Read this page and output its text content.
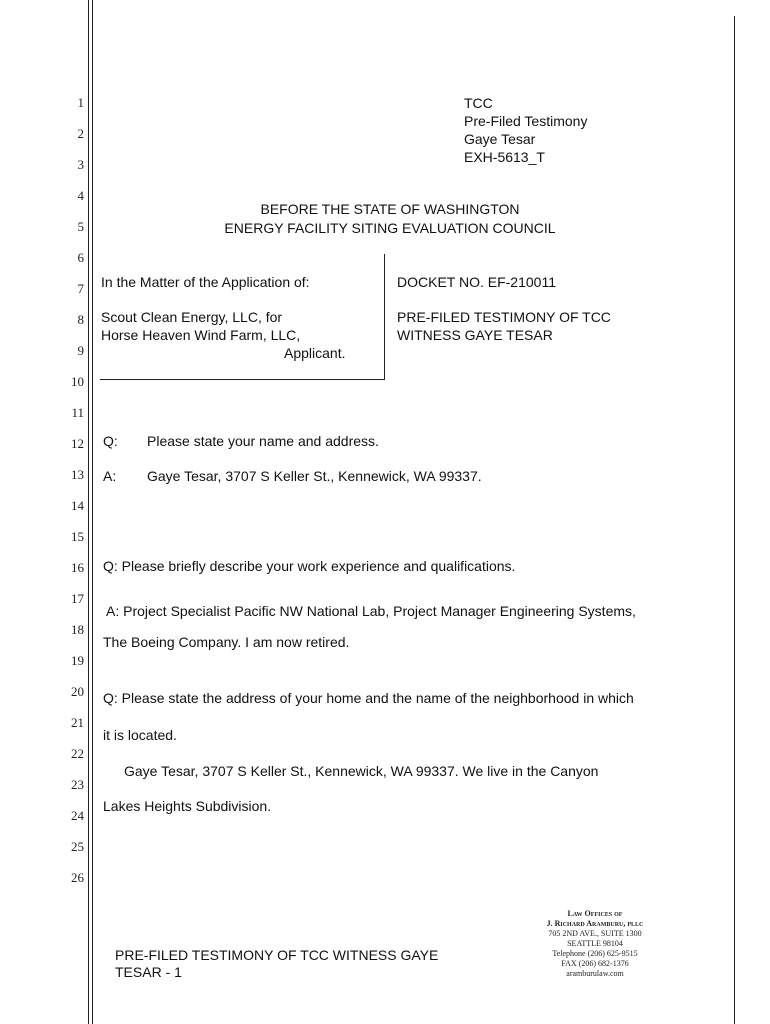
1
2
3
4
5
6
7
8
9
10
11
12
13
14
15
16
17
18
19
20
21
22
23
24
25
26
TCC
Pre-Filed Testimony
Gaye Tesar
EXH-5613_T
BEFORE THE STATE OF WASHINGTON
ENERGY FACILITY SITING EVALUATION COUNCIL
In the Matter of the Application of:
Scout Clean Energy, LLC, for
Horse Heaven Wind Farm, LLC,
Applicant.
DOCKET NO. EF-210011
PRE-FILED TESTIMONY OF TCC
WITNESS GAYE TESAR
Q: Please state your name and address.
A: Gaye Tesar, 3707 S Keller St., Kennewick, WA 99337.
Q: Please briefly describe your work experience and qualifications.
A: Project Specialist Pacific NW National Lab, Project Manager Engineering Systems,
The Boeing Company. I am now retired.
Q: Please state the address of your home and the name of the neighborhood in which
it is located.
Gaye Tesar, 3707 S Keller St., Kennewick, WA 99337. We live in the Canyon
Lakes Heights Subdivision.
PRE-FILED TESTIMONY OF TCC WITNESS GAYE
TESAR - 1
Law Offices of
J. Richard Aramburu, pllc
705 2ND AVE., SUITE 1300
SEATTLE 98104
Telephone (206) 625-9515
FAX (206) 682-1376
aramburulaw.com
